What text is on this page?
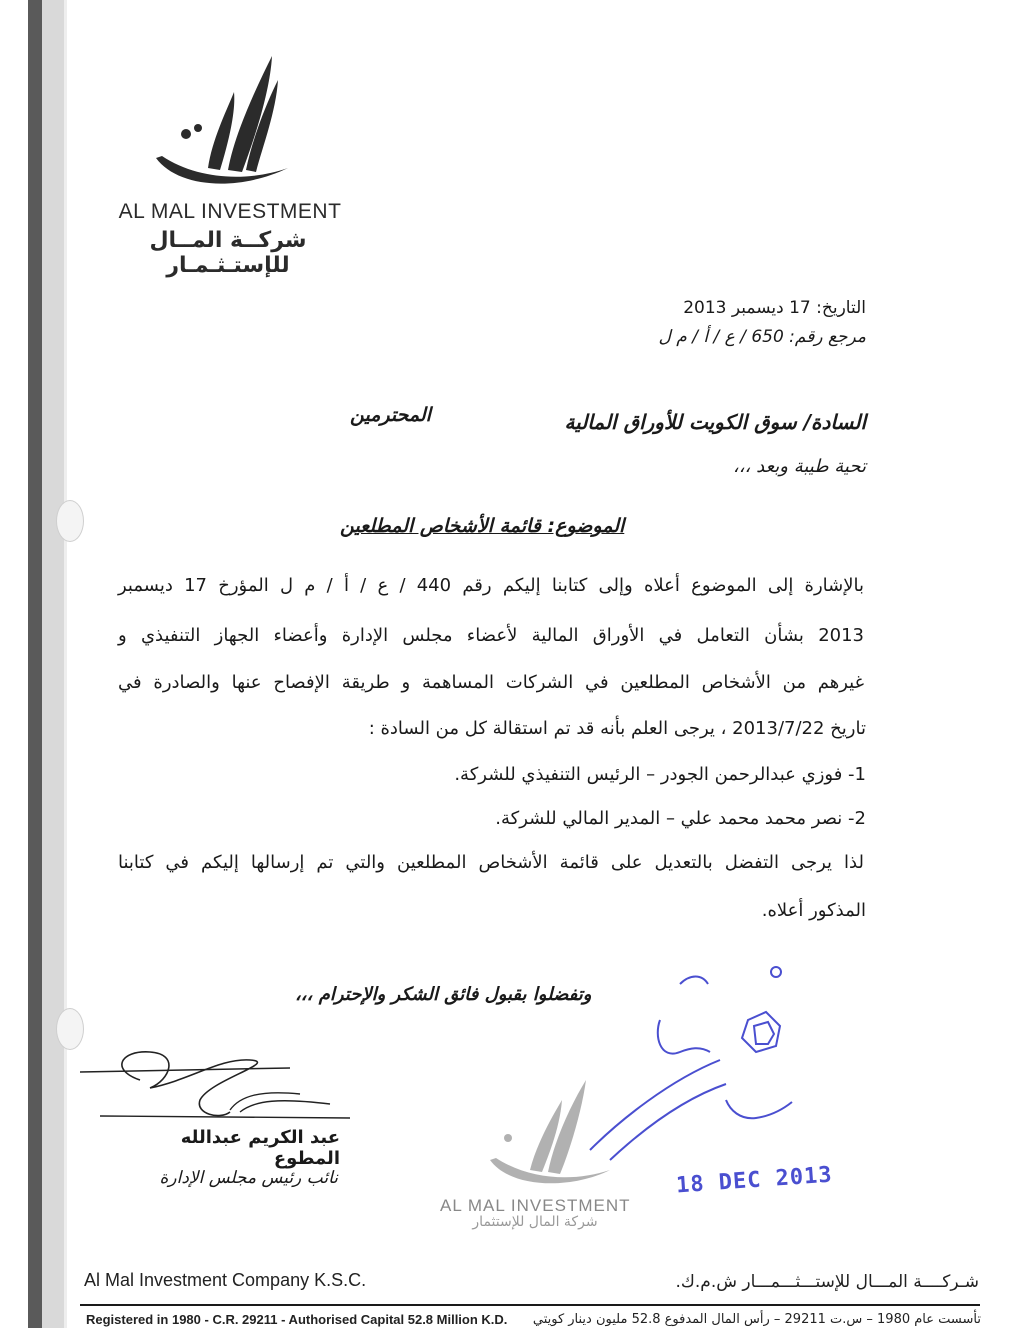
AL MAL INVESTMENT
شركــة المــال للإستـثـمـار
التاريخ: 17 ديسمبر 2013
مرجع رقم: 650 / ع / أ / م ل
السادة/ سوق الكويت للأوراق المالية
المحترمين
تحية طيبة وبعد ،،،
الموضوع: قائمة الأشخاص المطلعين
بالإشارة إلى الموضوع أعلاه وإلى كتابنا إليكم رقم 440 / ع / أ / م ل المؤرخ 17 ديسمبر
2013 بشأن التعامل في الأوراق المالية لأعضاء مجلس الإدارة وأعضاء الجهاز التنفيذي و
غيرهم من الأشخاص المطلعين في الشركات المساهمة و طريقة الإفصاح عنها والصادرة في
تاريخ 2013/7/22 ، يرجى العلم بأنه قد تم استقالة كل من السادة :
1- فوزي عبدالرحمن الجودر – الرئيس التنفيذي للشركة.
2- نصر محمد محمد علي – المدير المالي للشركة.
لذا يرجى التفضل بالتعديل على قائمة الأشخاص المطلعين والتي تم إرسالها إليكم في كتابنا
المذكور أعلاه.
وتفضلوا بقبول فائق الشكر والإحترام ،،،
عبد الكريم عبدالله المطوع
نائب رئيس مجلس الإدارة
AL MAL INVESTMENT
شركة المال للإستثمار
18 DEC 2013
Al Mal Investment Company K.S.C.	شـركــــة المـــال للإستـــثـــمـــار ش.م.ك.
Registered in 1980 - C.R. 29211 - Authorised Capital 52.8 Million K.D. تأسست عام 1980 – س.ت 29211 – رأس المال المدفوع 52.8 مليون دينار كويتي
